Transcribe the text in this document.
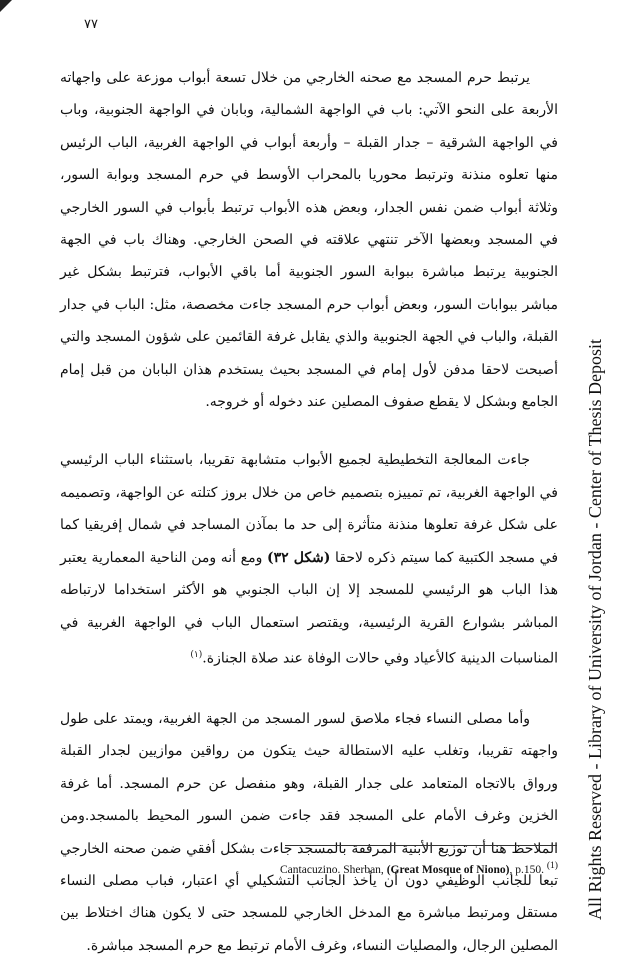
٧٧

يرتبط حرم المسجد مع صحنه الخارجي من خلال تسعة أبواب موزعة على واجهاته الأربعة على النحو الآتي: باب في الواجهة الشمالية، وبابان في الواجهة الجنوبية، وباب في الواجهة الشرقية – جدار القبلة – وأربعة أبواب في الواجهة الغربية، الباب الرئيس منها تعلوه منذنة وترتبط محوريا بالمحراب الأوسط في حرم المسجد وبوابة السور، وثلاثة أبواب ضمن نفس الجدار، وبعض هذه الأبواب ترتبط بأبواب في السور الخارجي في المسجد وبعضها الآخر تنتهي علاقته في الصحن الخارجي. وهناك باب في الجهة الجنوبية يرتبط مباشرة ببوابة السور الجنوبية أما باقي الأبواب، فترتبط بشكل غير مباشر ببوابات السور، وبعض أبواب حرم المسجد جاءت مخصصة، مثل: الباب في جدار القبلة، والباب في الجهة الجنوبية والذي يقابل غرفة القائمين على شؤون المسجد والتي أصبحت لاحقا مدفن لأول إمام في المسجد بحيث يستخدم هذان البابان من قبل إمام الجامع وبشكل لا يقطع صفوف المصلين عند دخوله أو خروجه.

جاءت المعالجة التخطيطية لجميع الأبواب متشابهة تقريبا، باستثناء الباب الرئيسي في الواجهة الغربية، تم تمييزه بتصميم خاص من خلال بروز كتلته عن الواجهة، وتصميمه على شكل غرفة تعلوها منذنة متأثرة إلى حد ما بمآذن المساجد في شمال إفريقيا كما في مسجد الكتبية كما سيتم ذكره لاحقا (شكل ٣٢) ومع أنه ومن الناحية المعمارية يعتبر هذا الباب هو الرئيسي للمسجد إلا إن الباب الجنوبي هو الأكثر استخداما لارتباطه المباشر بشوارع القرية الرئيسية، ويقتصر استعمال الباب في الواجهة الغربية في المناسبات الدينية كالأعياد وفي حالات الوفاة عند صلاة الجنازة.$^{(١)}$

وأما مصلى النساء فجاء ملاصق لسور المسجد من الجهة الغربية، ويمتد على طول واجهته تقريبا، وتغلب عليه الاستطالة حيث يتكون من رواقين موازيين لجدار القبلة ورواق بالاتجاه المتعامد على جدار القبلة، وهو منفصل عن حرم المسجد. أما غرفة الخزين وغرف الأمام على المسجد فقد جاءت ضمن السور المحيط بالمسجد.ومن الملاحظ هنا أن توزيع الأبنية المرفقة بالمسجد جاءت بشكل أفقي ضمن صحنه الخارجي تبعا للجانب الوظيفي دون أن يأخذ الجانب التشكيلي أي اعتبار، فباب مصلى النساء مستقل ومرتبط مباشرة مع المدخل الخارجي للمسجد حتى لا يكون هناك اختلاط بين المصلين الرجال، والمصليات النساء، وغرف الأمام ترتبط مع حرم المسجد مباشرة.

Cantacuzino. Sherban, (Great Mosque of Niono), p.150. $^{(1)}$ All Rights Reserved - Library of University of Jordan - Center of Thesis Deposit
